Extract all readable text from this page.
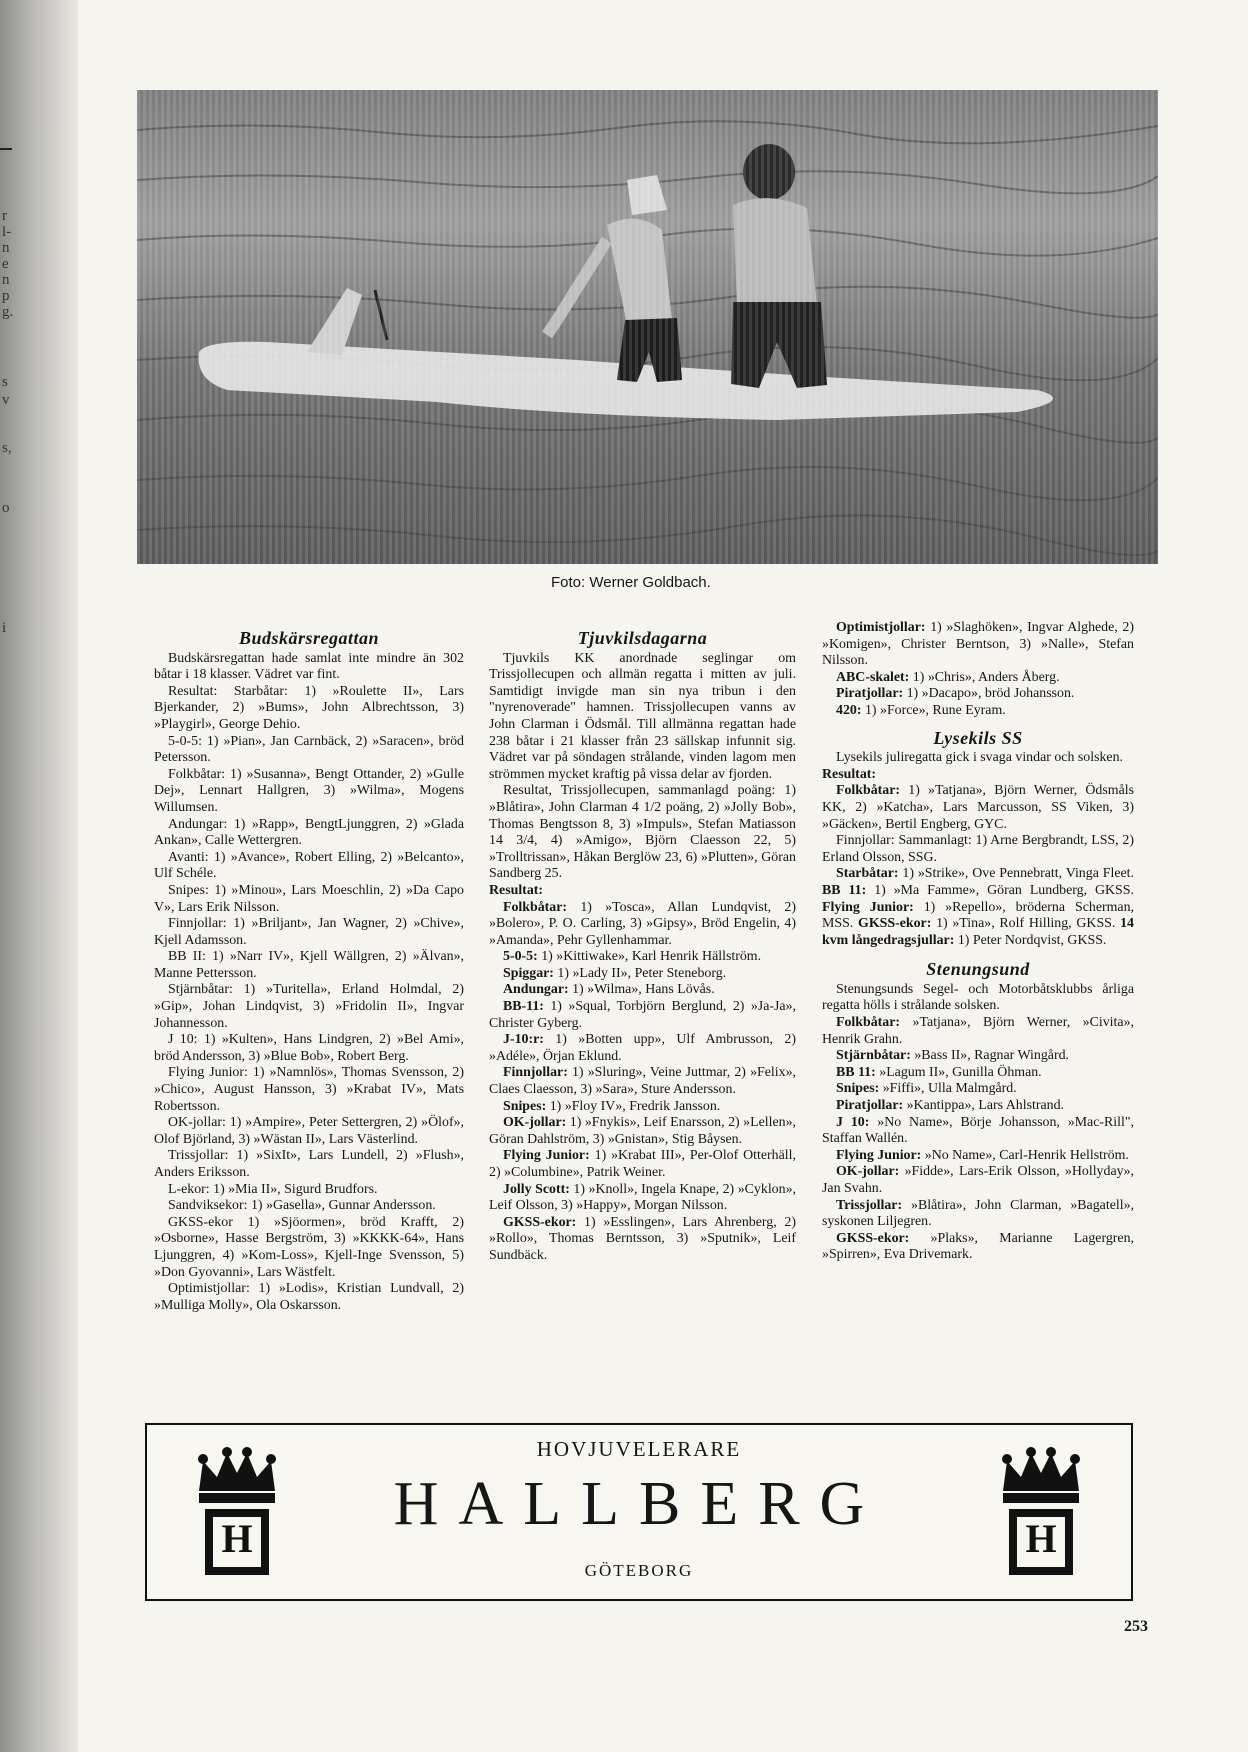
r
l-
n
e
n
p
g.
s
v
s,
o
i
Foto: Werner Goldbach.
Budskärsregattan

Budskärsregattan hade samlat inte mindre än 302 båtar i 18 klasser. Vädret var fint.

Resultat: Starbåtar: 1) »Roulette II», Lars Bjerkander, 2) »Bums», John Albrechtsson, 3) »Playgirl», George Dehio.

5-0-5: 1) »Pian», Jan Carnbäck, 2) »Saracen», bröd Petersson.

Folkbåtar: 1) »Susanna», Bengt Ottander, 2) »Gulle Dej», Lennart Hallgren, 3) »Wilma», Mogens Willumsen.

Andungar: 1) »Rapp», BengtLjunggren, 2) »Glada Ankan», Calle Wettergren.

Avanti: 1) »Avance», Robert Elling, 2) »Belcanto», Ulf Schéle.

Snipes: 1) »Minou», Lars Moeschlin, 2) »Da Capo V», Lars Erik Nilsson.

Finnjollar: 1) »Briljant», Jan Wagner, 2) »Chive», Kjell Adamsson.

BB II: 1) »Narr IV», Kjell Wällgren, 2) »Älvan», Manne Pettersson.

Stjärnbåtar: 1) »Turitella», Erland Holmdal, 2) »Gip», Johan Lindqvist, 3) »Fridolin II», Ingvar Johannesson.

J 10: 1) »Kulten», Hans Lindgren, 2) »Bel Ami», bröd Andersson, 3) »Blue Bob», Robert Berg.

Flying Junior: 1) »Namnlös», Thomas Svensson, 2) »Chico», August Hansson, 3) »Krabat IV», Mats Robertsson.

OK-jollar: 1) »Ampire», Peter Settergren, 2) »Ölof», Olof Björland, 3) »Wästan II», Lars Västerlind.

Trissjollar: 1) »SixIt», Lars Lundell, 2) »Flush», Anders Eriksson.

L-ekor: 1) »Mia II», Sigurd Brudfors.

Sandviksekor: 1) »Gasella», Gunnar Andersson.

GKSS-ekor 1) »Sjöormen», bröd Krafft, 2) »Osborne», Hasse Bergström, 3) »KKKK-64», Hans Ljunggren, 4) »Kom-Loss», Kjell-Inge Svensson, 5) »Don Gyovanni», Lars Wästfelt.

Optimistjollar: 1) »Lodis», Kristian Lundvall, 2) »Mulliga Molly», Ola Oskarsson.

Tjuvkilsdagarna

Tjuvkils KK anordnade seglingar om Trissjollecupen och allmän regatta i mitten av juli. Samtidigt invigde man sin nya tribun i den "nyrenoverade" hamnen. Trissjollecupen vanns av John Clarman i Ödsmål. Till allmänna regattan hade 238 båtar i 21 klasser från 23 sällskap infunnit sig. Vädret var på söndagen strålande, vinden lagom men strömmen mycket kraftig på vissa delar av fjorden.

Resultat, Trissjollecupen, sammanlagd poäng: 1) »Blåtira», John Clarman 4 1/2 poäng, 2) »Jolly Bob», Thomas Bengtsson 8, 3) »Impuls», Stefan Matiasson 14 3/4, 4) »Amigo», Björn Claesson 22, 5) »Trolltrissan», Håkan Berglöw 23, 6) »Plutten», Göran Sandberg 25.

Resultat:

Folkbåtar: 1) »Tosca», Allan Lundqvist, 2) »Bolero», P. O. Carling, 3) »Gipsy», Bröd Engelin, 4) »Amanda», Pehr Gyllenhammar.

5-0-5: 1) »Kittiwake», Karl Henrik Hällström.

Spiggar: 1) »Lady II», Peter Steneborg.

Andungar: 1) »Wilma», Hans Lövås.

BB-11: 1) »Squal, Torbjörn Berglund, 2) »Ja-Ja», Christer Gyberg.

J-10:r: 1) »Botten upp», Ulf Ambrusson, 2) »Adéle», Örjan Eklund.

Finnjollar: 1) »Sluring», Veine Juttmar, 2) »Felix», Claes Claesson, 3) »Sara», Sture Andersson.

Snipes: 1) »Floy IV», Fredrik Jansson.

OK-jollar: 1) »Fnykis», Leif Enarsson, 2) »Lellen», Göran Dahlström, 3) »Gnistan», Stig Båysen.

Flying Junior: 1) »Krabat III», Per-Olof Otterhäll, 2) »Columbine», Patrik Weiner.

Jolly Scott: 1) »Knoll», Ingela Knape, 2) »Cyklon», Leif Olsson, 3) »Happy», Morgan Nilsson.

GKSS-ekor: 1) »Esslingen», Lars Ahrenberg, 2) »Rollo», Thomas Berntsson, 3) »Sputnik», Leif Sundbäck.

Optimistjollar: 1) »Slaghöken», Ingvar Alghede, 2) »Komigen», Christer Berntson, 3) »Nalle», Stefan Nilsson.

ABC-skalet: 1) »Chris», Anders Åberg.

Piratjollar: 1) »Dacapo», bröd Johansson.

420: 1) »Force», Rune Eyram.

Lysekils SS

Lysekils juliregatta gick i svaga vindar och solsken.

Resultat:

Folkbåtar: 1) »Tatjana», Björn Werner, Ödsmåls KK, 2) »Katcha», Lars Marcusson, SS Viken, 3) »Gäcken», Bertil Engberg, GYC.

Finnjollar: Sammanlagt: 1) Arne Bergbrandt, LSS, 2) Erland Olsson, SSG.

Starbåtar: 1) »Strike», Ove Pennebratt, Vinga Fleet. BB 11: 1) »Ma Famme», Göran Lundberg, GKSS. Flying Junior: 1) »Repello», bröderna Scherman, MSS. GKSS-ekor: 1) »Tina», Rolf Hilling, GKSS. 14 kvm långedragsjullar: 1) Peter Nordqvist, GKSS.

Stenungsund

Stenungsunds Segel- och Motorbåtsklubbs årliga regatta hölls i strålande solsken.

Folkbåtar: »Tatjana», Björn Werner, »Civita», Henrik Grahn.

Stjärnbåtar: »Bass II», Ragnar Wingård.

BB 11: »Lagum II», Gunilla Öhman.

Snipes: »Fiffi», Ulla Malmgård.

Piratjollar: »Kantippa», Lars Ahlstrand.

J 10: »No Name», Börje Johansson, »Mac-Rill", Staffan Wallén.

Flying Junior: »No Name», Carl-Henrik Hellström.

OK-jollar: »Fidde», Lars-Erik Olsson, »Hollyday», Jan Svahn.

Trissjollar: »Blåtira», John Clarman, »Bagatell», syskonen Liljegren.

GKSS-ekor: »Plaks», Marianne Lagergren, »Spirren», Eva Drivemark.

H	H
HOVJUVELERARE
HALLBERG
GÖTEBORG
253
